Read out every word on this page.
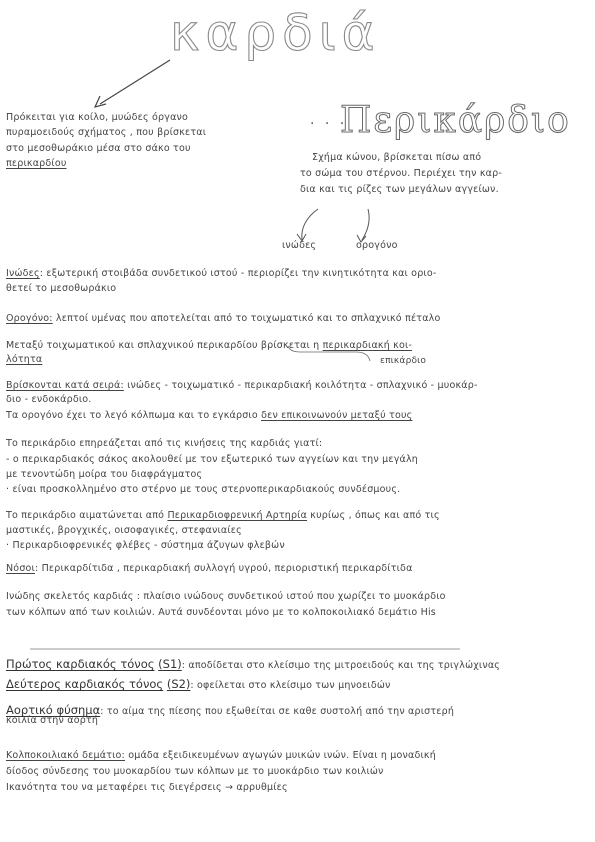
καρδιά
Πρόκειται για κοίλο, μυώδες όργανο
πυραμοειδούς σχήματος , που βρίσκεται
στο μεσοθωράκιο μέσα στο σάκο του
περικαρδίου
· · ·
Περικάρδιο
Σχήμα κώνου, βρίσκεται πίσω από
το σώμα του στέρνου. Περιέχει την καρ-
δια και τις ρίζες των μεγάλων αγγείων.
ινώδες	ορογόνο
Ινώδες: εξωτερική στοιβάδα συνδετικού ιστού - περιορίζει την κινητικότητα και οριο-
θετεί το μεσοθωράκιο
Ορογόνο: λεπτοί υμένας που αποτελείται από το τοιχωματικό και το σπλαχνικό πέταλο
Μεταξύ τοιχωματικού και σπλαχνικού περικαρδίου βρίσκεται η περικαρδιακή κοι-
λότητα	επικάρδιο
Βρίσκονται κατά σειρά: ινώδες - τοιχωματικό - περικαρδιακή κοιλότητα - σπλαχνικό - μυοκάρ-
διο - ενδοκάρδιο.
Τα ορογόνο έχει το λεγό κόλπωμα και το εγκάρσιο δεν επικοινωνούν μεταξύ τους
Το περικάρδιο επηρεάζεται από τις κινήσεις της καρδιάς γιατί:
- ο περικαρδιακός σάκος ακολουθεί με τον εξωτερικό των αγγείων και την μεγάλη
με τενοντώδη μοίρα του διαφράγματος
· είναι προσκολλημένο στο στέρνο με τους στερνοπερικαρδιακούς συνδέσμους.
Το περικάρδιο αιματώνεται από Περικαρδιοφρενική Αρτηρία κυρίως , όπως και από τις
μαστικές, βρογχικές, οισοφαγικές, στεφανιαίες
· Περικαρδιοφρενικές φλέβες - σύστημα άζυγων φλεβών
Νόσοι: Περικαρδίτιδα , περικαρδιακή συλλογή υγρού, περιοριστική περικαρδίτιδα
Ινώδης σκελετός καρδιάς : πλαίσιο ινώδους συνδετικού ιστού που χωρίζει το μυοκάρδιο
των κόλπων από των κοιλιών. Αυτά συνδέονται μόνο με το κολποκοιλιακό δεμάτιο His
Πρώτος καρδιακός τόνος (S1): αποδίδεται στο κλείσιμο της μιτροειδούς και της τριγλώχινας
Δεύτερος καρδιακός τόνος (S2): οφείλεται στο κλείσιμο των μηνοειδών
Αορτικό φύσημα: το αίμα της πίεσης που εξωθείται σε καθε συστολή από την αριστερή
κοιλία στην αορτή
Κολποκοιλιακό δεμάτιο: ομάδα εξειδικευμένων αγωγών μυικών ινών. Είναι η μοναδική
δίοδος σύνδεσης του μυοκαρδίου των κόλπων με το μυοκάρδιο των κοιλιών
Ικανότητα του να μεταφέρει τις διεγέρσεις → αρρυθμίες
